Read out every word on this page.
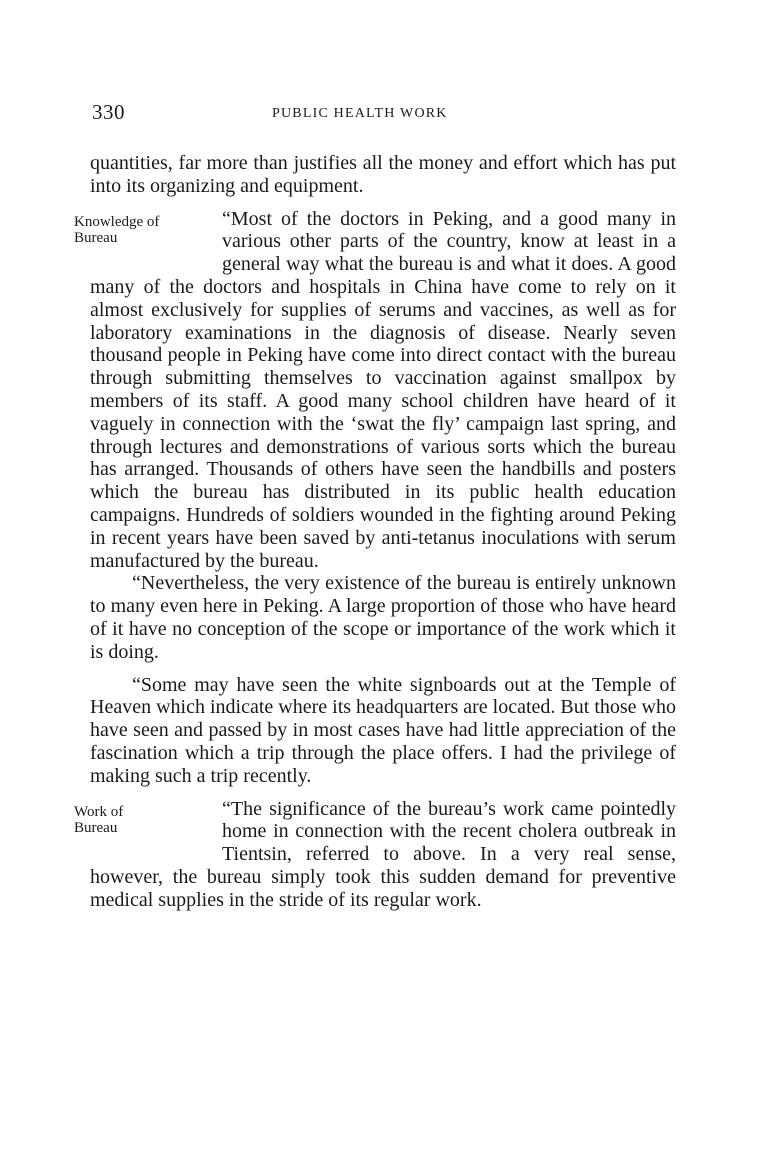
330	PUBLIC HEALTH WORK

quantities, far more than justifies all the money and effort which has put into its organizing and equipment.

Knowledge of
Bureau

“Most of the doctors in Peking, and a good many in various other parts of the country, know at least in a general way what the bureau is and what it does. A good many of the doctors and hospitals in China have come to rely on it almost exclusively for supplies of serums and vaccines, as well as for laboratory examinations in the diagnosis of disease. Nearly seven thousand people in Peking have come into direct contact with the bureau through submitting themselves to vaccination against smallpox by members of its staff. A good many school children have heard of it vaguely in connection with the ‘swat the fly’ campaign last spring, and through lectures and demonstrations of various sorts which the bureau has arranged. Thousands of others have seen the handbills and posters which the bureau has distributed in its public health education campaigns. Hundreds of soldiers wounded in the fighting around Peking in recent years have been saved by anti-tetanus inoculations with serum manufactured by the bureau.

“Nevertheless, the very existence of the bureau is entirely unknown to many even here in Peking. A large proportion of those who have heard of it have no conception of the scope or importance of the work which it is doing.

“Some may have seen the white signboards out at the Temple of Heaven which indicate where its headquarters are located. But those who have seen and passed by in most cases have had little appreciation of the fascination which a trip through the place offers. I had the privilege of making such a trip recently.

Work of
Bureau

“The significance of the bureau’s work came pointedly home in connection with the recent cholera outbreak in Tientsin, referred to above. In a very real sense, however, the bureau simply took this sudden demand for preventive medical supplies in the stride of its regular work.
